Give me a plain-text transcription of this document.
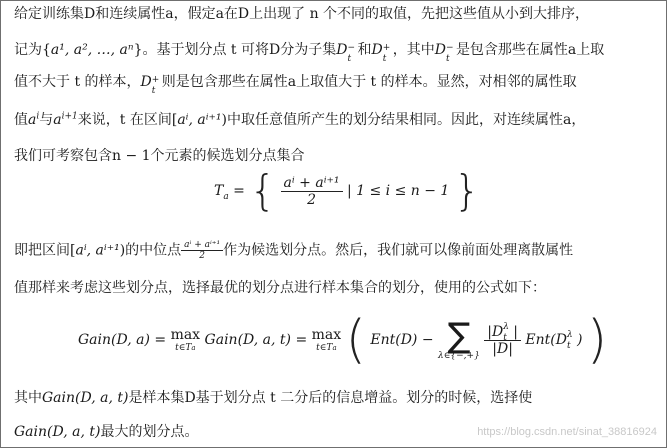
给定训练集D和连续属性a，假定a在D上出现了 n 个不同的取值，先把这些值从小到大排序，
记为{a¹, a², …, aⁿ}。基于划分点 t 可将D分为子集D −
t
和D +
t
，其中D −
t
是包含那些在属性a上取
值不大于 t 的样本，D +
t
则是包含那些在属性a上取值大于 t 的样本。显然，对相邻的属性取
值$a^i$与$a^{i+1}$来说，t 在区间[aⁱ, aⁱ⁺¹)中取任意值所产生的划分结果相同。因此，对连续属性a，
我们可考察包含n − 1个元素的候选划分点集合
$T_a$ = { $\frac{\text{aⁱ + aⁱ⁺¹}}{2}$ | 1 ≤ i ≤ n − 1 }
即把区间[aⁱ, aⁱ⁺¹)的中位点 $\frac{\text{aⁱ + aⁱ⁺¹}}{2}$ 作为候选划分点。然后，我们就可以像前面处理离散属性
值那样来考虑这些划分点，选择最优的划分点进行样本集合的划分，使用的公式如下：
Gain(D, a) = max
t∈Ta Gain(D, a, t) = max
t∈Ta ( Ent(D) − ∑
λ∈{−,+}
|D λ
t |
|D| Ent(D λ
t ) )
其中Gain(D, a, t)是样本集D基于划分点 t 二分后的信息增益。划分的时候，选择使
Gain(D, a, t)最大的划分点。	https://blog.csdn.net/sinat_38816924
